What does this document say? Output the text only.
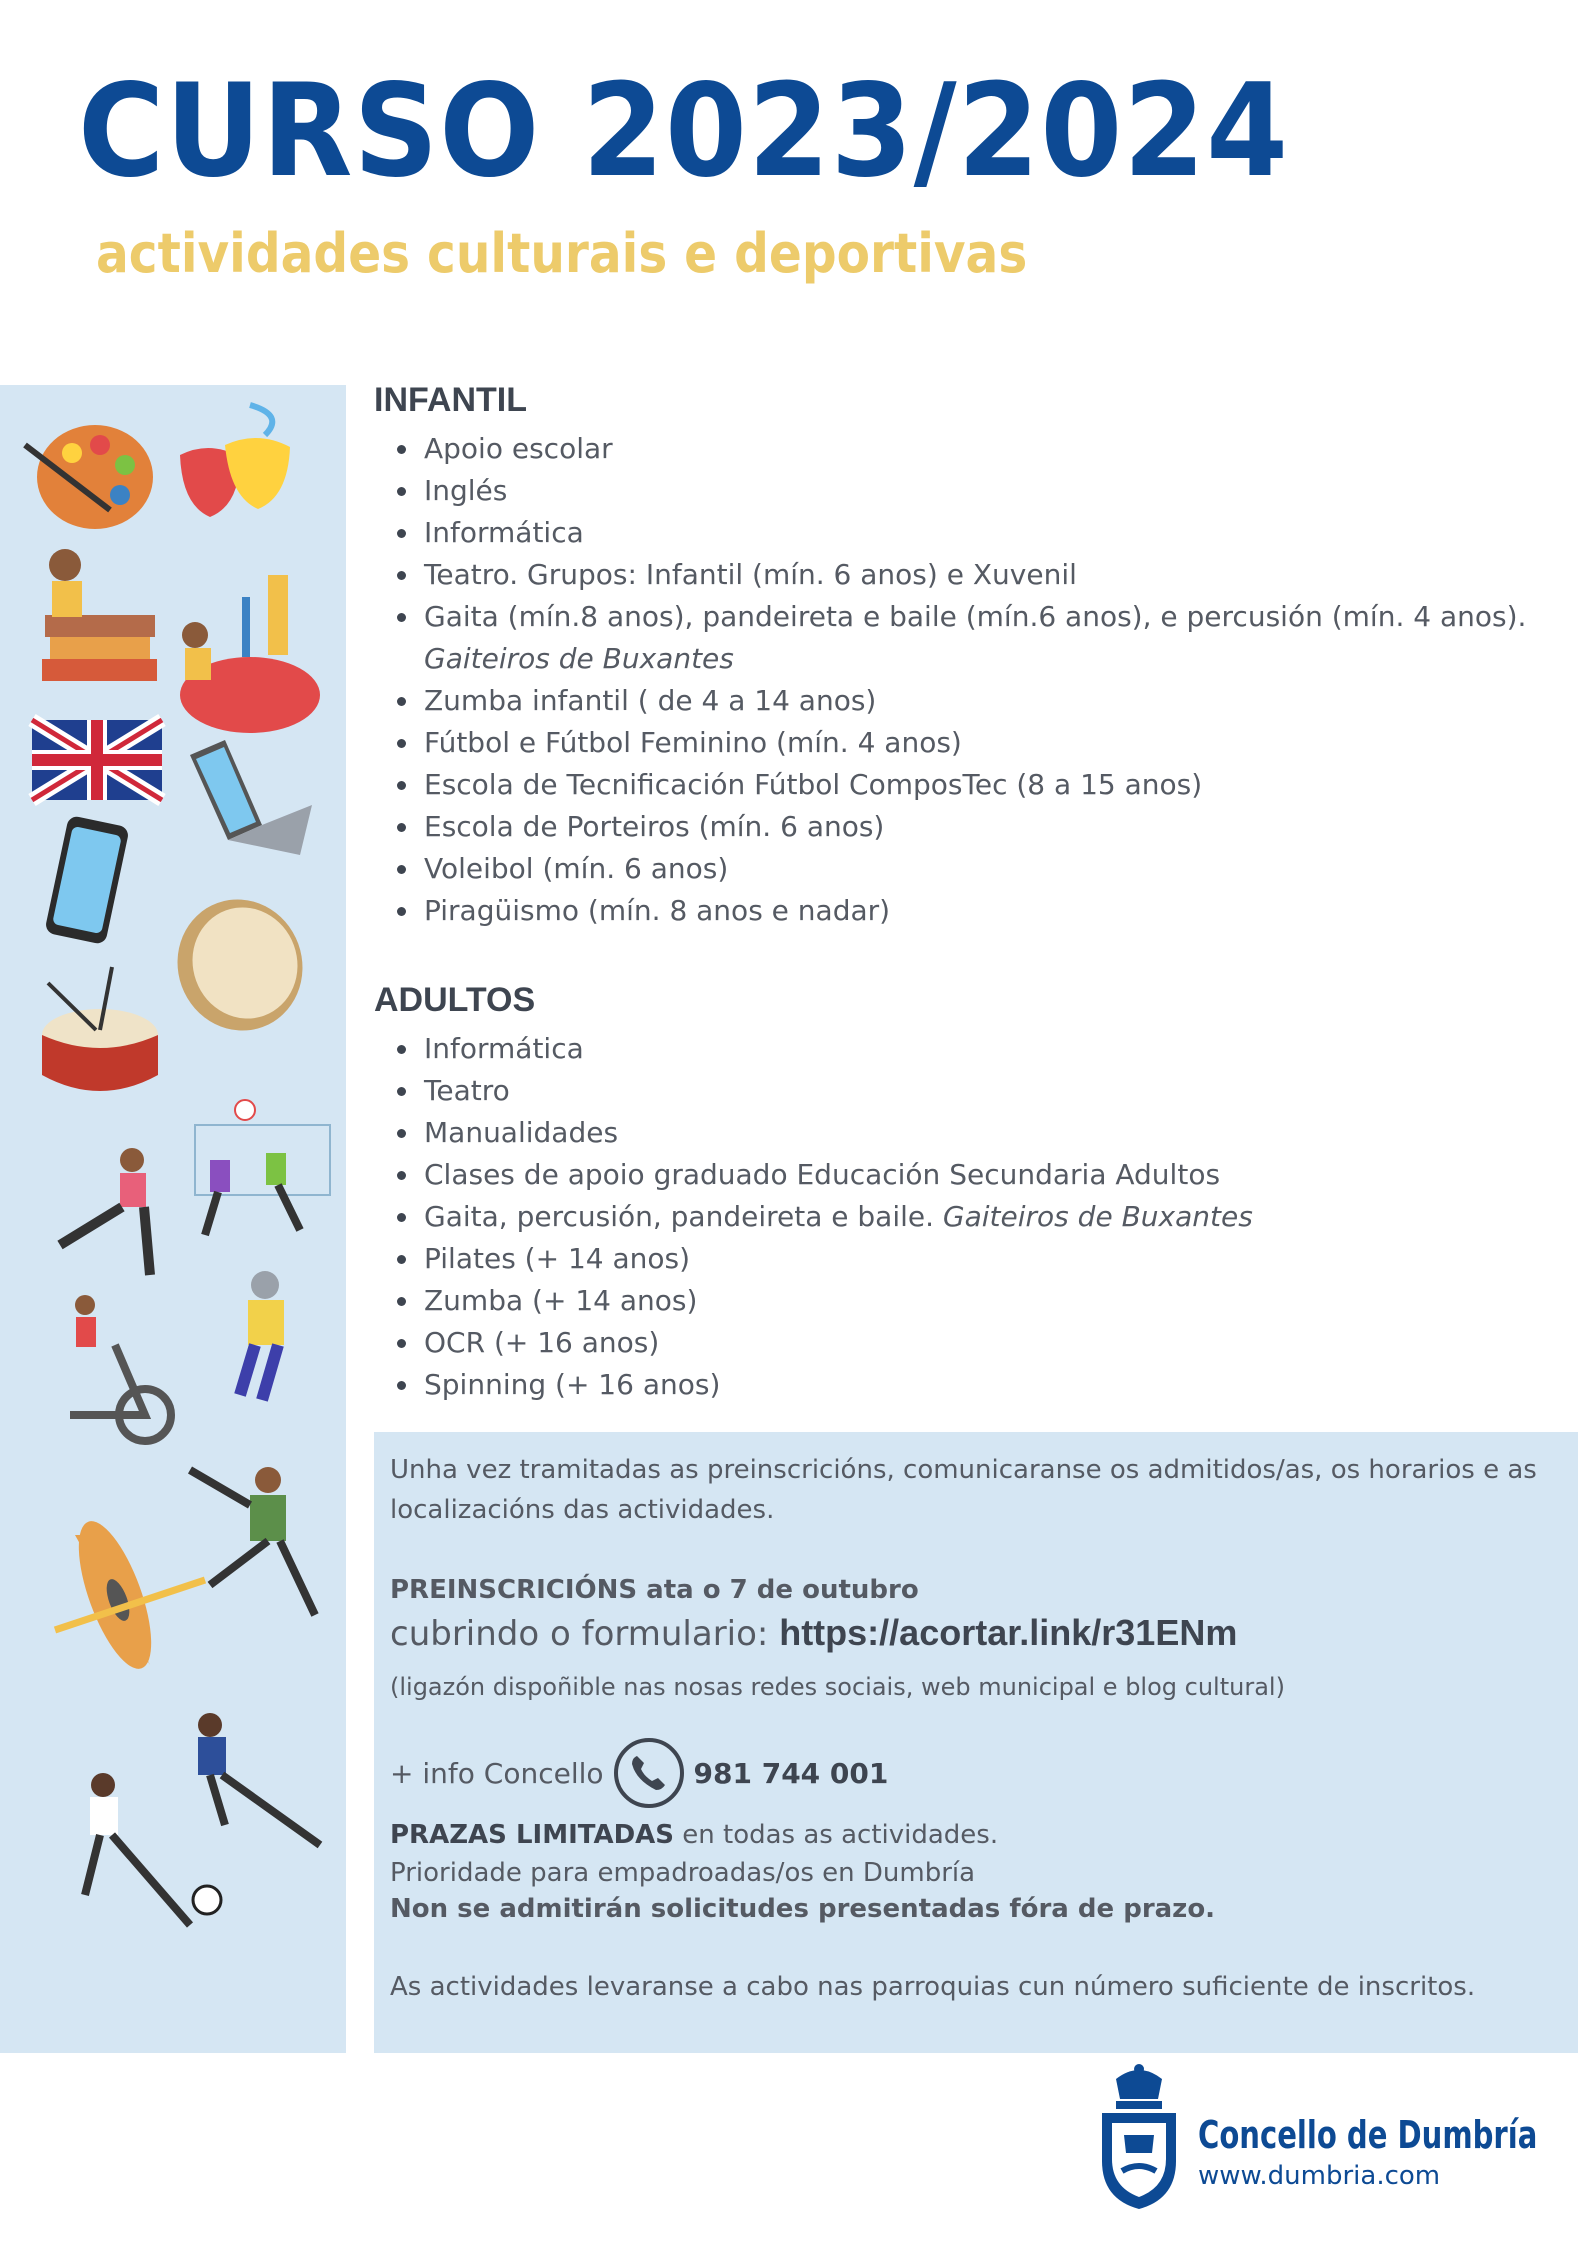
CURSO 2023/2024
actividades culturais e deportivas
INFANTIL
Apoio escolar
Inglés
Informática
Teatro. Grupos: Infantil (mín. 6 anos) e Xuvenil
Gaita (mín.8 anos), pandeireta e baile (mín.6 anos), e percusión (mín. 4 anos).
Gaiteiros de Buxantes
Zumba infantil ( de 4 a 14 anos)
Fútbol e Fútbol Feminino (mín. 4 anos)
Escola de Tecnificación Fútbol ComposTec (8 a 15 anos)
Escola de Porteiros (mín. 6 anos)
Voleibol (mín. 6 anos)
Piragüismo (mín. 8 anos e nadar)
ADULTOS
Informática
Teatro
Manualidades
Clases de apoio graduado Educación Secundaria Adultos
Gaita, percusión, pandeireta e baile. Gaiteiros de Buxantes
Pilates (+ 14 anos)
Zumba (+ 14 anos)
OCR (+ 16 anos)
Spinning (+ 16 anos)

Unha vez tramitadas as preinscricións, comunicaranse os admitidos/as, os horarios e as localizacións das actividades.

PREINSCRICIÓNS ata o 7 de outubro

cubrindo o formulario: https://acortar.link/r31ENm

(ligazón dispoñible nas nosas redes sociais, web municipal e blog cultural)

+ info Concello	981 744 001

PRAZAS LIMITADAS en todas as actividades.

Prioridade para empadroadas/os en Dumbría

Non se admitirán solicitudes presentadas fóra de prazo.

As actividades levaranse a cabo nas parroquias cun número suficiente de inscritos.

Concello de Dumbría
www.dumbria.com
